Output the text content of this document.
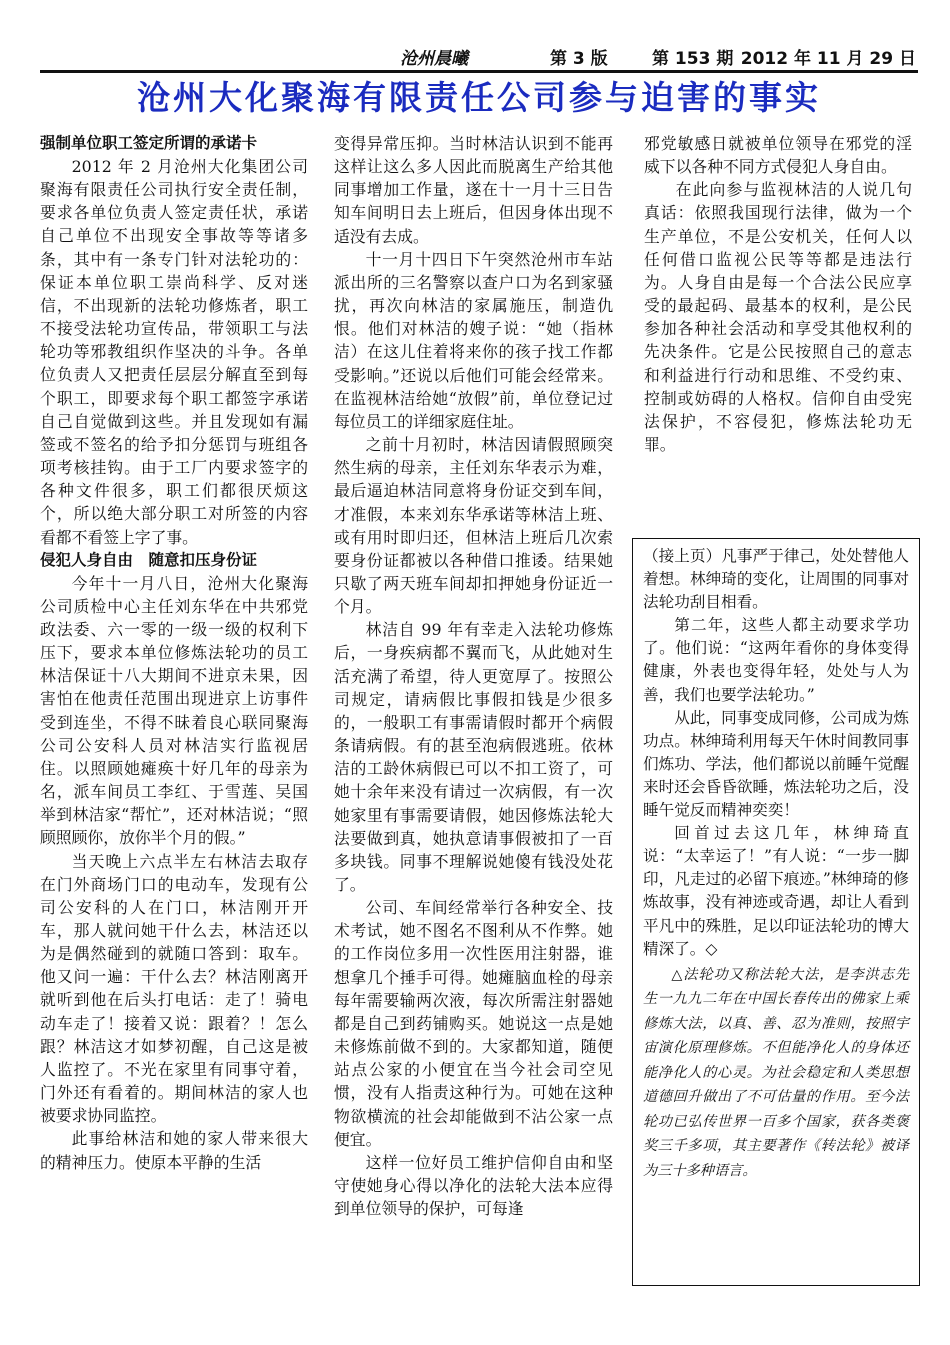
沧州晨曦	第 3 版	第 153 期 2012 年 11 月 29 日
沧州大化聚海有限责任公司参与迫害的事实
强制单位职工签定所谓的承诺卡

2012 年 2 月沧州大化集团公司聚海有限责任公司执行安全责任制，要求各单位负责人签定责任状，承诺自己单位不出现安全事故等等诸多条，其中有一条专门针对法轮功的：保证本单位职工崇尚科学、反对迷信，不出现新的法轮功修炼者，职工不接受法轮功宣传品，带领职工与法轮功等邪教组织作坚决的斗争。各单位负责人又把责任层层分解直至到每个职工，即要求每个职工都签字承诺自己自觉做到这些。并且发现如有漏签或不签名的给予扣分惩罚与班组各项考核挂钩。由于工厂内要求签字的各种文件很多，职工们都很厌烦这个，所以绝大部分职工对所签的内容看都不看签上字了事。

侵犯人身自由　随意扣压身份证

今年十一月八日，沧州大化聚海公司质检中心主任刘东华在中共邪党政法委、六一零的一级一级的权利下压下，要求本单位修炼法轮功的员工林洁保证十八大期间不进京未果，因害怕在他责任范围出现进京上访事件受到连坐，不得不昧着良心联同聚海公司公安科人员对林洁实行监视居住。以照顾她瘫痪十好几年的母亲为名，派车间员工李红、于雪莲、吴国举到林洁家“帮忙”，还对林洁说；“照顾照顾你，放你半个月的假。”

当天晚上六点半左右林洁去取存在门外商场门口的电动车，发现有公司公安科的人在门口，林洁刚开开车，那人就问她干什么去，林洁还以为是偶然碰到的就随口答到：取车。他又问一遍：干什么去？林洁刚离开就听到他在后头打电话：走了！骑电动车走了！接着又说：跟着？！怎么跟？林洁这才如梦初醒，自己这是被人监控了。不光在家里有同事守着，门外还有看着的。期间林洁的家人也被要求协同监控。

此事给林洁和她的家人带来很大的精神压力。使原本平静的生活

变得异常压抑。当时林洁认识到不能再这样让这么多人因此而脱离生产给其他同事增加工作量，遂在十一月十三日告知车间明日去上班后，但因身体出现不适没有去成。

十一月十四日下午突然沧州市车站派出所的三名警察以查户口为名到家骚扰，再次向林洁的家属施压，制造仇恨。他们对林洁的嫂子说：“她（指林洁）在这儿住着将来你的孩子找工作都受影响。”还说以后他们可能会经常来。在监视林洁给她“放假”前，单位登记过每位员工的详细家庭住址。

之前十月初时，林洁因请假照顾突然生病的母亲，主任刘东华表示为难，最后逼迫林洁同意将身份证交到车间，才准假，本来刘东华承诺等林洁上班、或有用时即归还，但林洁上班后几次索要身份证都被以各种借口推诿。结果她只歇了两天班车间却扣押她身份证近一个月。

林洁自 99 年有幸走入法轮功修炼后，一身疾病都不翼而飞，从此她对生活充满了希望，待人更宽厚了。按照公司规定，请病假比事假扣钱是少很多的，一般职工有事需请假时都开个病假条请病假。有的甚至泡病假逃班。依林洁的工龄休病假已可以不扣工资了，可她十余年来没有请过一次病假，有一次她家里有事需要请假，她因修炼法轮大法要做到真，她执意请事假被扣了一百多块钱。同事不理解说她傻有钱没处花了。

公司、车间经常举行各种安全、技术考试，她不图名不图利从不作弊。她的工作岗位多用一次性医用注射器，谁想拿几个捶手可得。她瘫脑血栓的母亲每年需要输两次液，每次所需注射器她都是自己到药铺购买。她说这一点是她未修炼前做不到的。大家都知道，随便站点公家的小便宜在当今社会司空见惯，没有人指责这种行为。可她在这种物欲横流的社会却能做到不沾公家一点便宜。

这样一位好员工维护信仰自由和坚守使她身心得以净化的法轮大法本应得到单位领导的保护，可每逢

邪党敏感日就被单位领导在邪党的淫威下以各种不同方式侵犯人身自由。

在此向参与监视林洁的人说几句真话：依照我国现行法律，做为一个生产单位，不是公安机关，任何人以任何借口监视公民等等都是违法行为。人身自由是每一个合法公民应享受的最起码、最基本的权利，是公民参加各种社会活动和享受其他权利的先决条件。它是公民按照自己的意志和利益进行行动和思维、不受约束、控制或妨碍的人格权。信仰自由受宪法保护，不容侵犯，修炼法轮功无罪。

（接上页）凡事严于律己，处处替他人着想。林绅琦的变化，让周围的同事对法轮功刮目相看。

第二年，这些人都主动要求学功了。他们说：“这两年看你的身体变得健康，外表也变得年轻，处处与人为善，我们也要学法轮功。”

从此，同事变成同修，公司成为炼功点。林绅琦利用每天午休时间教同事们炼功、学法，他们都说以前睡午觉醒来时还会昏昏欲睡，炼法轮功之后，没睡午觉反而精神奕奕！

回首过去这几年，林绅琦直说：“太幸运了！”有人说：“一步一脚印，凡走过的必留下痕迹。”林绅琦的修炼故事，没有神迹或奇遇，却让人看到平凡中的殊胜，足以印证法轮功的博大精深了。◇

△法轮功又称法轮大法，是李洪志先生一九九二年在中国长春传出的佛家上乘修炼大法，以真、善、忍为准则，按照宇宙演化原理修炼。不但能净化人的身体还能净化人的心灵。为社会稳定和人类思想道德回升做出了不可估量的作用。至今法轮功已弘传世界一百多个国家，获各类褒奖三千多项，其主要著作《转法轮》被译为三十多种语言。
